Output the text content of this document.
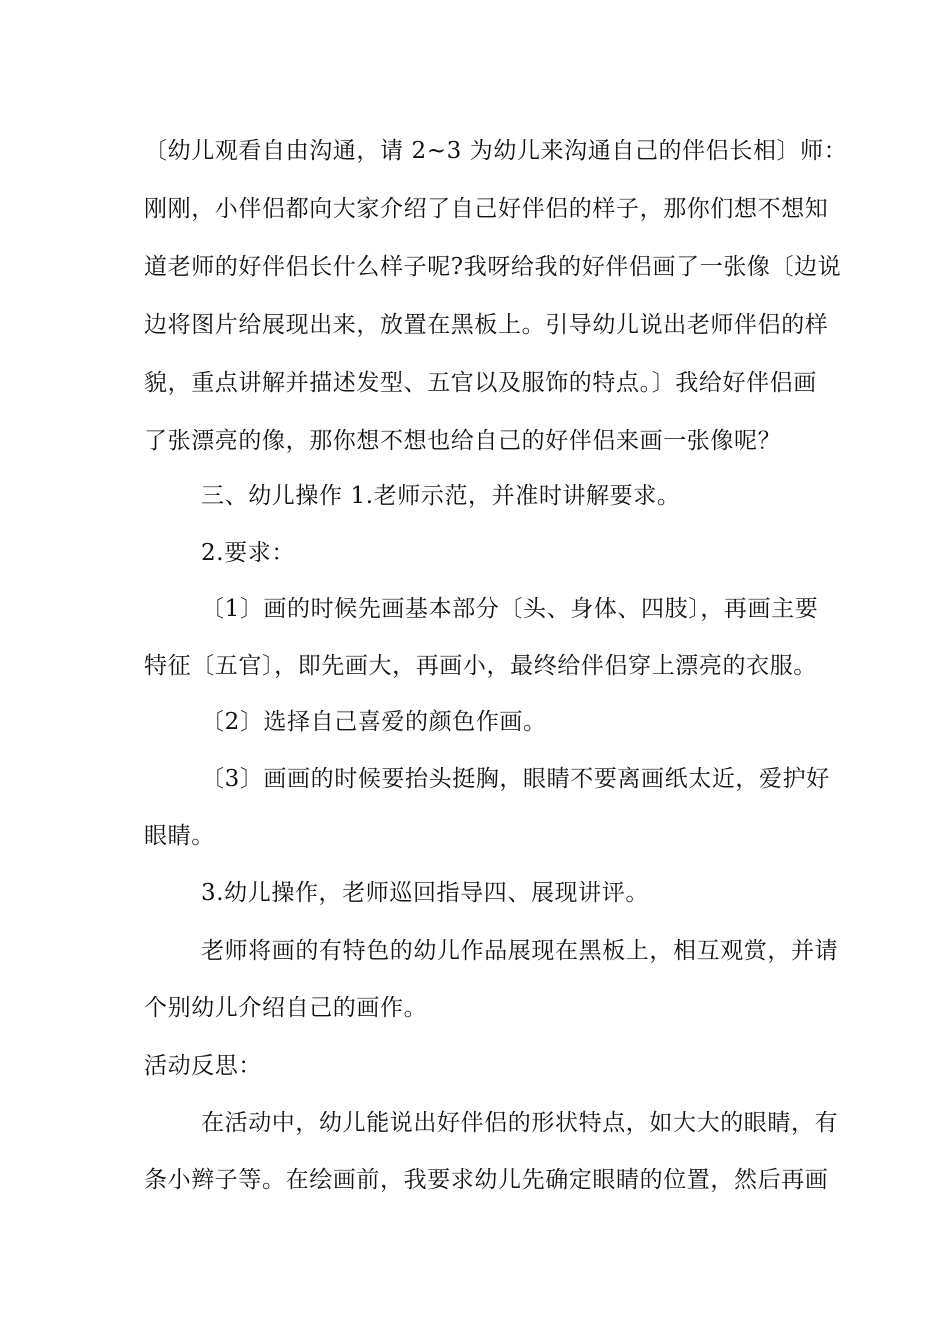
〔幼儿观看自由沟通，请 2~3 为幼儿来沟通自己的伴侣长相〕师：
刚刚，小伴侣都向大家介绍了自己好伴侣的样子，那你们想不想知
道老师的好伴侣长什么样子呢?我呀给我的好伴侣画了一张像〔边说
边将图片给展现出来，放置在黑板上。引导幼儿说出老师伴侣的样
貌，重点讲解并描述发型、五官以及服饰的特点。〕我给好伴侣画
了张漂亮的像，那你想不想也给自己的好伴侣来画一张像呢？
三、幼儿操作 1.老师示范，并准时讲解要求。
2.要求：
〔1〕画的时候先画基本部分〔头、身体、四肢〕，再画主要
特征〔五官〕，即先画大，再画小，最终给伴侣穿上漂亮的衣服。
〔2〕选择自己喜爱的颜色作画。
〔3〕画画的时候要抬头挺胸，眼睛不要离画纸太近，爱护好
眼睛。
3.幼儿操作，老师巡回指导四、展现讲评。
老师将画的有特色的幼儿作品展现在黑板上，相互观赏，并请
个别幼儿介绍自己的画作。
活动反思：
在活动中，幼儿能说出好伴侣的形状特点，如大大的眼睛，有
条小辫子等。在绘画前，我要求幼儿先确定眼睛的位置，然后再画
